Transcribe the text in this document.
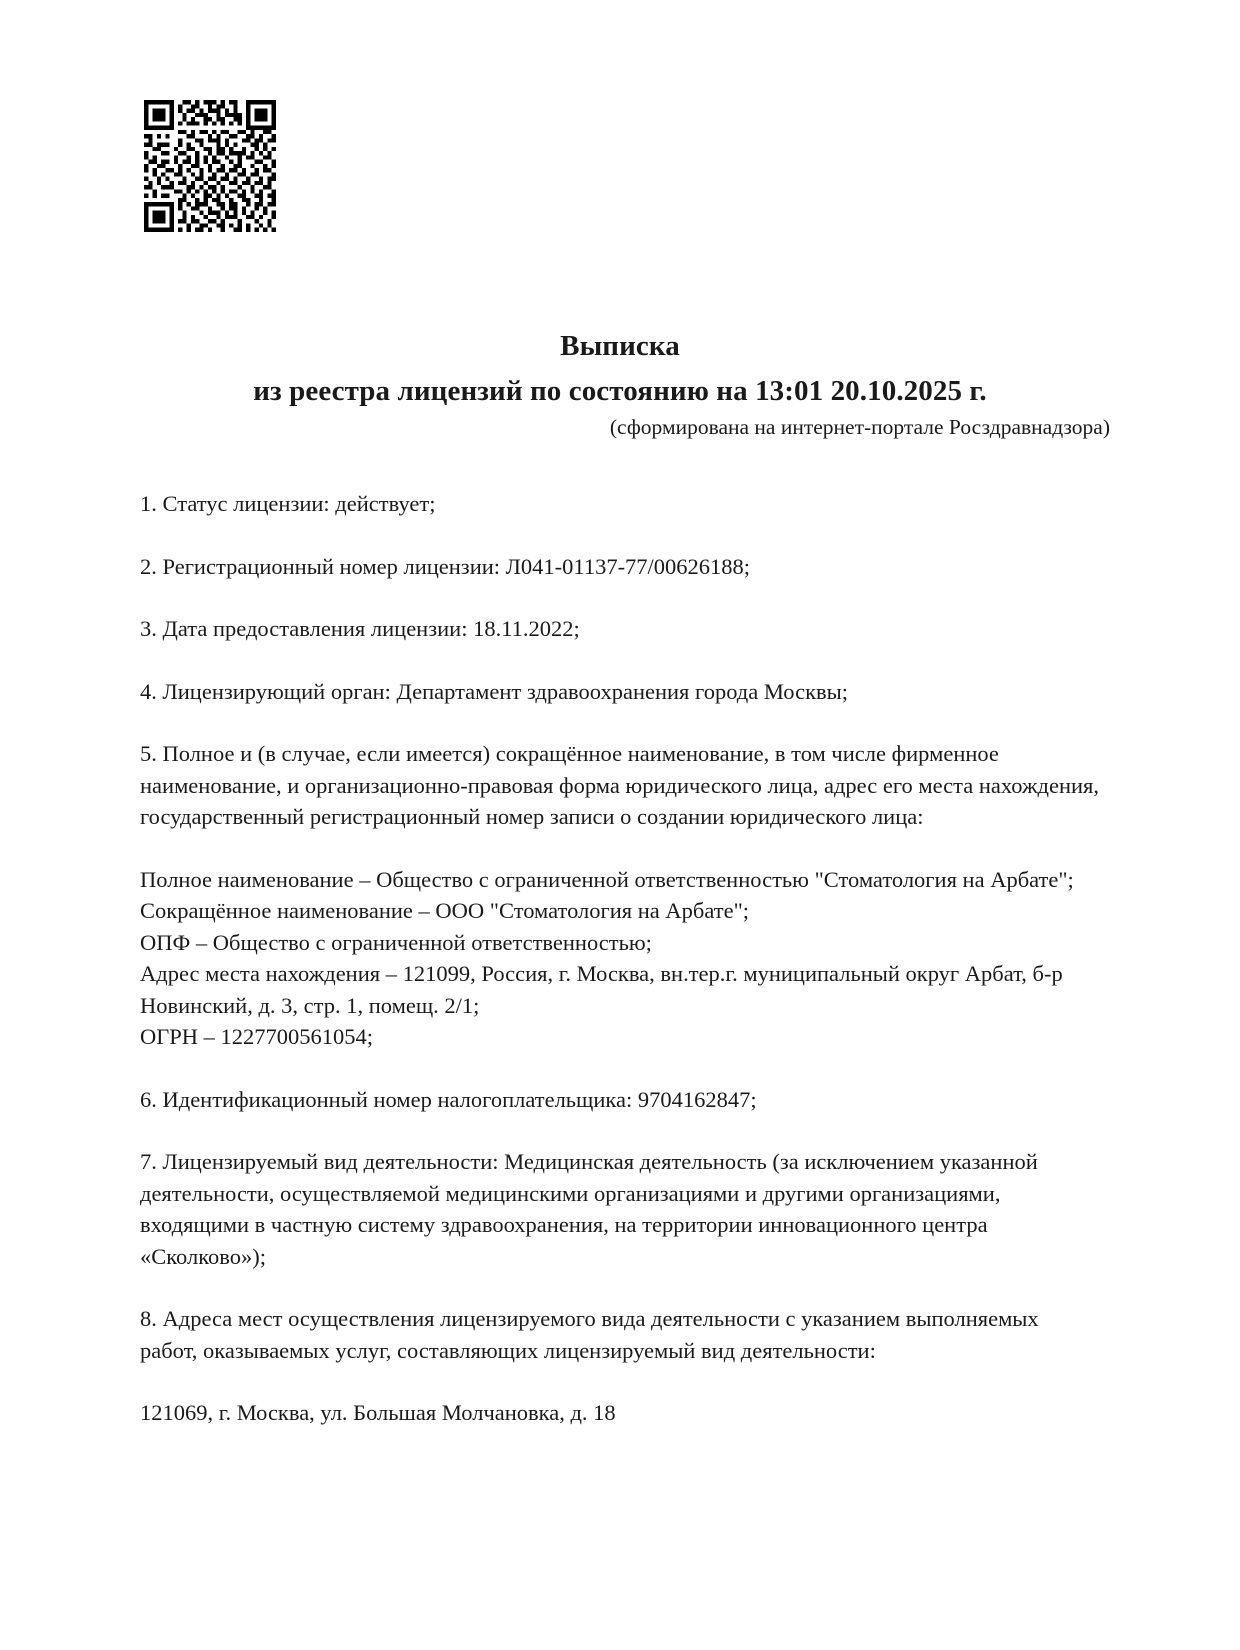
Выписка
из реестра лицензий по состоянию на 13:01 20.10.2025 г.
(сформирована на интернет-портале Росздравнадзора)

1. Статус лицензии: действует;

2. Регистрационный номер лицензии: Л041-01137-77/00626188;

3. Дата предоставления лицензии: 18.11.2022;

4. Лицензирующий орган: Департамент здравоохранения города Москвы;

5. Полное и (в случае, если имеется) сокращённое наименование, в том числе фирменное наименование, и организационно-правовая форма юридического лица, адрес его места нахождения, государственный регистрационный номер записи о создании юридического лица:

Полное наименование – Общество с ограниченной ответственностью "Стоматология на Арбате";
Сокращённое наименование – ООО "Стоматология на Арбате";
ОПФ – Общество с ограниченной ответственностью;
Адрес места нахождения – 121099, Россия, г. Москва, вн.тер.г. муниципальный округ Арбат, б-р Новинский, д. 3, стр. 1, помещ. 2/1;
ОГРН – 1227700561054;

6. Идентификационный номер налогоплательщика: 9704162847;

7. Лицензируемый вид деятельности: Медицинская деятельность (за исключением указанной деятельности, осуществляемой медицинскими организациями и другими организациями, входящими в частную систему здравоохранения, на территории инновационного центра «Сколково»);

8. Адреса мест осуществления лицензируемого вида деятельности с указанием выполняемых работ, оказываемых услуг, составляющих лицензируемый вид деятельности:

121069, г. Москва, ул. Большая Молчановка, д. 18
